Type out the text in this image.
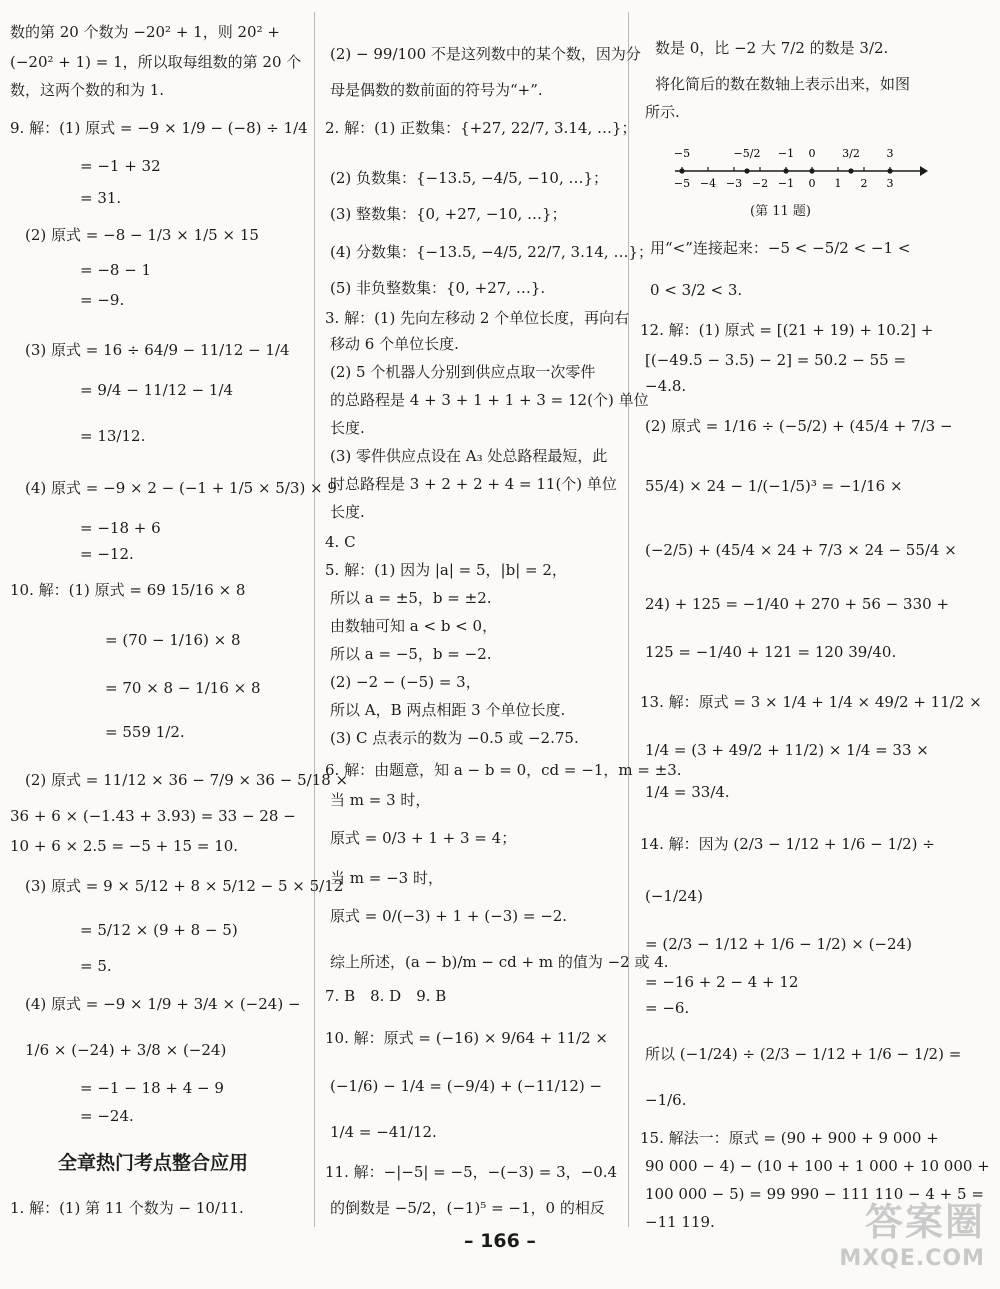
数的第 20 个数为 −20² + 1，则 20² +
(−20² + 1) = 1，所以取每组数的第 20 个
数，这两个数的和为 1.
9. 解：(1) 原式 = −9 × 1/9 − (−8) ÷ 1/4
= −1 + 32
= 31.
(2) 原式 = −8 − 1/3 × 1/5 × 15
= −8 − 1
= −9.
(3) 原式 = 16 ÷ 64/9 − 11/12 − 1/4
= 9/4 − 11/12 − 1/4
= 13/12.
(4) 原式 = −9 × 2 − (−1 + 1/5 × 5/3) × 9
= −18 + 6
= −12.
10. 解：(1) 原式 = 69 15/16 × 8
= (70 − 1/16) × 8
= 70 × 8 − 1/16 × 8
= 559 1/2.
(2) 原式 = 11/12 × 36 − 7/9 × 36 − 5/18 ×
36 + 6 × (−1.43 + 3.93) = 33 − 28 −
10 + 6 × 2.5 = −5 + 15 = 10.
(3) 原式 = 9 × 5/12 + 8 × 5/12 − 5 × 5/12
= 5/12 × (9 + 8 − 5)
= 5.
(4) 原式 = −9 × 1/9 + 3/4 × (−24) −
1/6 × (−24) + 3/8 × (−24)
= −1 − 18 + 4 − 9
= −24.
全章热门考点整合应用
1. 解：(1) 第 11 个数为 − 10/11.
(2) − 99/100 不是这列数中的某个数，因为分
母是偶数的数前面的符号为“+”.
2. 解：(1) 正数集：{+27, 22/7, 3.14, …}；
(2) 负数集：{−13.5, −4/5, −10, …}；
(3) 整数集：{0, +27, −10, …}；
(4) 分数集：{−13.5, −4/5, 22/7, 3.14, …}；
(5) 非负整数集：{0, +27, …}.
3. 解：(1) 先向左移动 2 个单位长度，再向右
移动 6 个单位长度.
(2) 5 个机器人分别到供应点取一次零件
的总路程是 4 + 3 + 1 + 1 + 3 = 12(个) 单位
长度.
(3) 零件供应点设在 A₃ 处总路程最短，此
时总路程是 3 + 2 + 2 + 4 = 11(个) 单位
长度.
4. C
5. 解：(1) 因为 |a| = 5，|b| = 2，
所以 a = ±5，b = ±2.
由数轴可知 a < b < 0，
所以 a = −5，b = −2.
(2) −2 − (−5) = 3，
所以 A，B 两点相距 3 个单位长度.
(3) C 点表示的数为 −0.5 或 −2.75.
6. 解：由题意，知 a − b = 0，cd = −1，m = ±3.
当 m = 3 时，
原式 = 0/3 + 1 + 3 = 4；
当 m = −3 时，
原式 = 0/(−3) + 1 + (−3) = −2.
综上所述，(a − b)/m − cd + m 的值为 −2 或 4.
7. B　8. D　9. B
10. 解：原式 = (−16) × 9/64 + 11/2 ×
(−1/6) − 1/4 = (−9/4) + (−11/12) −
1/4 = −41/12.
11. 解：−|−5| = −5，−(−3) = 3，−0.4
的倒数是 −5/2，(−1)⁵ = −1，0 的相反
数是 0，比 −2 大 7/2 的数是 3/2.
将化简后的数在数轴上表示出来，如图
所示.
−5 −4 −3 −2 −1 0 1 2 3
−5	−5/2 −1 0 3/2 3
(第 11 题)
用“<”连接起来：−5 < −5/2 < −1 <
0 < 3/2 < 3.
12. 解：(1) 原式 = [(21 + 19) + 10.2] +
[(−49.5 − 3.5) − 2] = 50.2 − 55 =
−4.8.
(2) 原式 = 1/16 ÷ (−5/2) + (45/4 + 7/3 −
55/4) × 24 − 1/(−1/5)³ = −1/16 ×
(−2/5) + (45/4 × 24 + 7/3 × 24 − 55/4 ×
24) + 125 = −1/40 + 270 + 56 − 330 +
125 = −1/40 + 121 = 120 39/40.
13. 解：原式 = 3 × 1/4 + 1/4 × 49/2 + 11/2 ×
1/4 = (3 + 49/2 + 11/2) × 1/4 = 33 ×
1/4 = 33/4.
14. 解：因为 (2/3 − 1/12 + 1/6 − 1/2) ÷
(−1/24)
= (2/3 − 1/12 + 1/6 − 1/2) × (−24)
= −16 + 2 − 4 + 12
= −6.
所以 (−1/24) ÷ (2/3 − 1/12 + 1/6 − 1/2) =
−1/6.
15. 解法一：原式 = (90 + 900 + 9 000 +
90 000 − 4) − (10 + 100 + 1 000 + 10 000 +
100 000 − 5) = 99 990 − 111 110 − 4 + 5 =
−11 119.
– 166 –	答案圈
MXQE.COM
